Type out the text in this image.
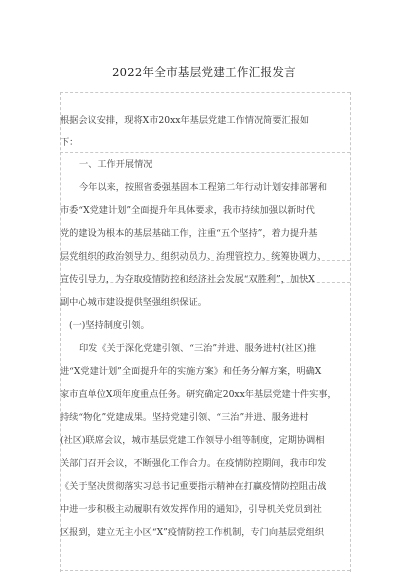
2022年全市基层党建工作汇报发言
根据会议安排，现将X市20xx年基层党建工作情况简要汇报如
下：
一、工作开展情况
今年以来，按照省委强基固本工程第二年行动计划安排部署和
市委“X党建计划”全面提升年具体要求，我市持续加强以新时代
党的建设为根本的基层基础工作，注重“五个坚持”，着力提升基
层党组织的政治领导力、组织动员力、治理管控力、统筹协调力、
宣传引导力，为夺取疫情防控和经济社会发展“双胜利”，加快X
副中心城市建设提供坚强组织保证。
(一)坚持制度引领。
印发《关于深化党建引领、“三治”并进、服务进村(社区)推
进“X党建计划”全面提升年的实施方案》和任务分解方案，明确X
家市直单位X项年度重点任务。研究确定20xx年基层党建十件实事，
持续“物化”党建成果。坚持党建引领、“三治”并进、服务进村
(社区)联席会议，城市基层党建工作领导小组等制度，定期协调相
关部门召开会议，不断强化工作合力。在疫情防控期间，我市印发
《关于坚决贯彻落实习总书记重要指示精神在打赢疫情防控阻击战
中进一步积极主动履职有效发挥作用的通知》，引导机关党员到社
区报到，建立无主小区“X”疫情防控工作机制，专门向基层党组织
